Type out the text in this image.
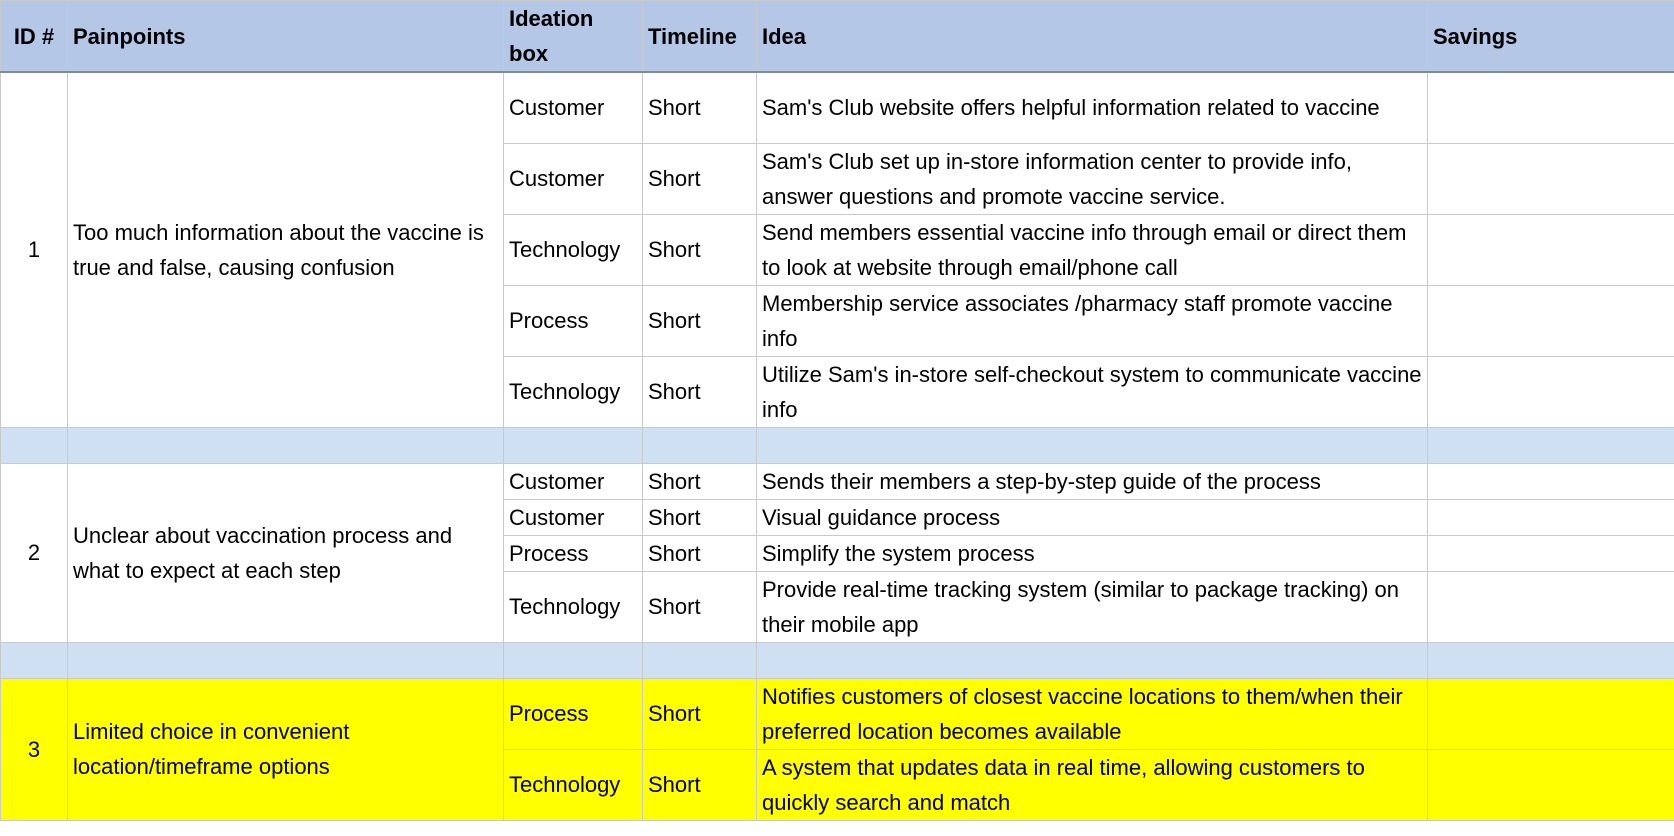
ID #	Painpoints	Ideation box	Timeline	Idea	Savings
1	Too much information about the vaccine is true and false, causing confusion	Customer	Short	Sam's Club website offers helpful information related to vaccine	
		Customer	Short	Sam's Club set up in-store information center to provide info, answer questions and promote vaccine service.	
		Technology	Short	Send members essential vaccine info through email or direct them to look at website through email/phone call	
		Process	Short	Membership service associates /pharmacy staff promote vaccine info	
		Technology	Short	Utilize Sam's in-store self-checkout system to communicate vaccine info	

2	Unclear about vaccination process and what to expect at each step	Customer	Short	Sends their members a step-by-step guide of the process	
		Customer	Short	Visual guidance process	
		Process	Short	Simplify the system process	
		Technology	Short	Provide real-time tracking system (similar to package tracking) on their mobile app	

3	Limited choice in convenient location/timeframe options	Process	Short	Notifies customers of closest vaccine locations to them/when their preferred location becomes available	
		Technology	Short	A system that updates data in real time, allowing customers to quickly search and match	
